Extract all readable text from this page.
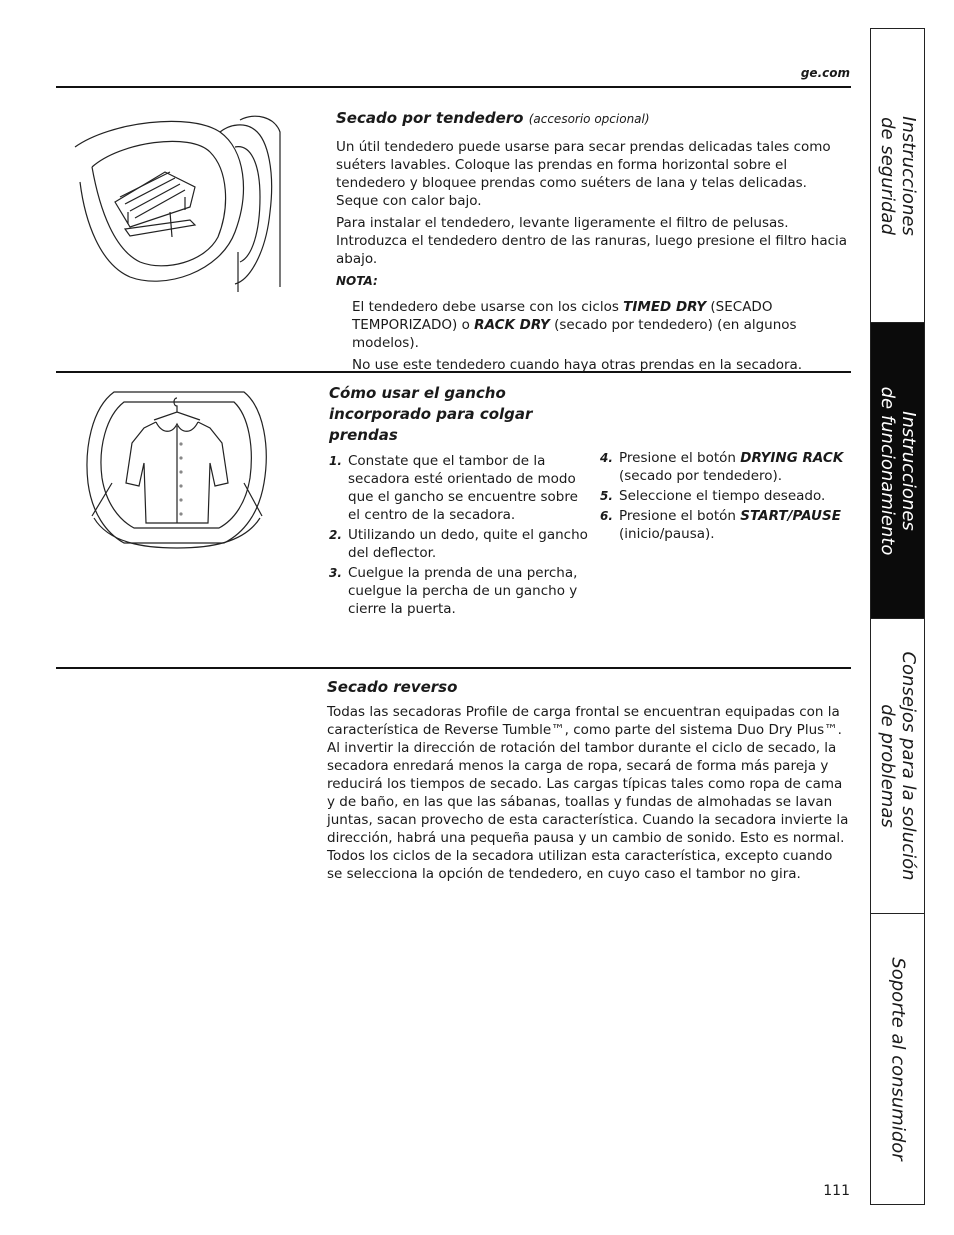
ge.com
Secado por tendedero (accesorio opcional)

Un útil tendedero puede usarse para secar prendas delicadas tales como suéters lavables. Coloque las prendas en forma horizontal sobre el tendedero y bloquee prendas como suéters de lana y telas delicadas. Seque con calor bajo.

Para instalar el tendedero, levante ligeramente el filtro de pelusas. Introduzca el tendedero dentro de las ranuras, luego presione el filtro hacia abajo.

NOTA:

El tendedero debe usarse con los ciclos TIMED DRY (SECADO TEMPORIZADO) o RACK DRY (secado por tendedero) (en algunos modelos).

No use este tendedero cuando haya otras prendas en la secadora.

Cómo usar el gancho incorporado para colgar prendas
1. Constate que el tambor de la secadora esté orientado de modo que el gancho se encuentre sobre el centro de la secadora.
2. Utilizando un dedo, quite el gancho del deflector.
3. Cuelgue la prenda de una percha, cuelgue la percha de un gancho y cierre la puerta.
4. Presione el botón DRYING RACK (secado por tendedero).
5. Seleccione el tiempo deseado.
6. Presione el botón START/PAUSE (inicio/pausa).
Secado reverso

Todas las secadoras Profile de carga frontal se encuentran equipadas con la característica de Reverse Tumble™, como parte del sistema Duo Dry Plus™. Al invertir la dirección de rotación del tambor durante el ciclo de secado, la secadora enredará menos la carga de ropa, secará de forma más pareja y reducirá los tiempos de secado. Las cargas típicas tales como ropa de cama y de baño, en las que las sábanas, toallas y fundas de almohadas se lavan juntas, sacan provecho de esta característica. Cuando la secadora invierte la dirección, habrá una pequeña pausa y un cambio de sonido. Esto es normal. Todos los ciclos de la secadora utilizan esta característica, excepto cuando se selecciona la opción de tendedero, en cuyo caso el tambor no gira.

Instrucciones
de seguridad
Instrucciones
de funcionamiento
Consejos para la solución
de problemas
Soporte al consumidor
111
